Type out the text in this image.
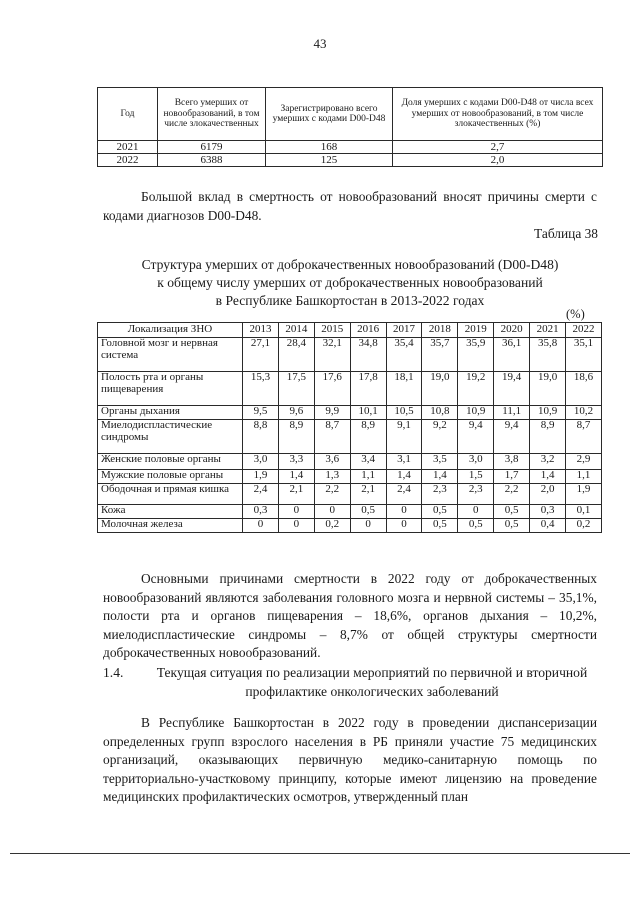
43
Год	Всего умерших от новообразований, в том числе злокачественных	Зарегистрировано всего умерших с кодами D00-D48	Доля умерших с кодами D00-D48 от числа всех умерших от новообразований, в том числе злокачественных (%)
2021	6179	168	2,7
2022	6388	125	2,0
Большой вклад в смертность от новообразований вносят причины смерти с кодами диагнозов D00-D48.
Таблица 38
Структура умерших от доброкачественных новообразований (D00-D48)
к общему числу умерших от доброкачественных новообразований
в Республике Башкортостан в 2013-2022 годах
(%)
Локализация ЗНО	2013	2014	2015	2016	2017	2018	2019	2020	2021	2022
Головной мозг и нервная система	27,1	28,4	32,1	34,8	35,4	35,7	35,9	36,1	35,8	35,1
Полость рта и органы пищеварения	15,3	17,5	17,6	17,8	18,1	19,0	19,2	19,4	19,0	18,6
Органы дыхания	9,5	9,6	9,9	10,1	10,5	10,8	10,9	11,1	10,9	10,2
Миелодиспластические синдромы	8,8	8,9	8,7	8,9	9,1	9,2	9,4	9,4	8,9	8,7
Женские половые органы	3,0	3,3	3,6	3,4	3,1	3,5	3,0	3,8	3,2	2,9
Мужские половые органы	1,9	1,4	1,3	1,1	1,4	1,4	1,5	1,7	1,4	1,1
Ободочная и прямая кишка	2,4	2,1	2,2	2,1	2,4	2,3	2,3	2,2	2,0	1,9
Кожа	0,3	0	0	0,5	0	0,5	0	0,5	0,3	0,1
Молочная железа	0	0	0,2	0	0	0,5	0,5	0,5	0,4	0,2
Основными причинами смертности в 2022 году от доброкачественных новообразований являются заболевания головного мозга и нервной системы – 35,1%, полости рта и органов пищеварения – 18,6%, органов дыхания – 10,2%, миелодиспластические синдромы – 8,7% от общей структуры смертности доброкачественных новообразований.
1.4.	Текущая ситуация по реализации мероприятий по первичной и вторичной профилактике онкологических заболеваний
В Республике Башкортостан в 2022 году в проведении диспансеризации определенных групп взрослого населения в РБ приняли участие 75 медицинских организаций, оказывающих первичную медико-санитарную помощь по территориально-участковому принципу, которые имеют лицензию на проведение медицинских профилактических осмотров, утвержденный план
